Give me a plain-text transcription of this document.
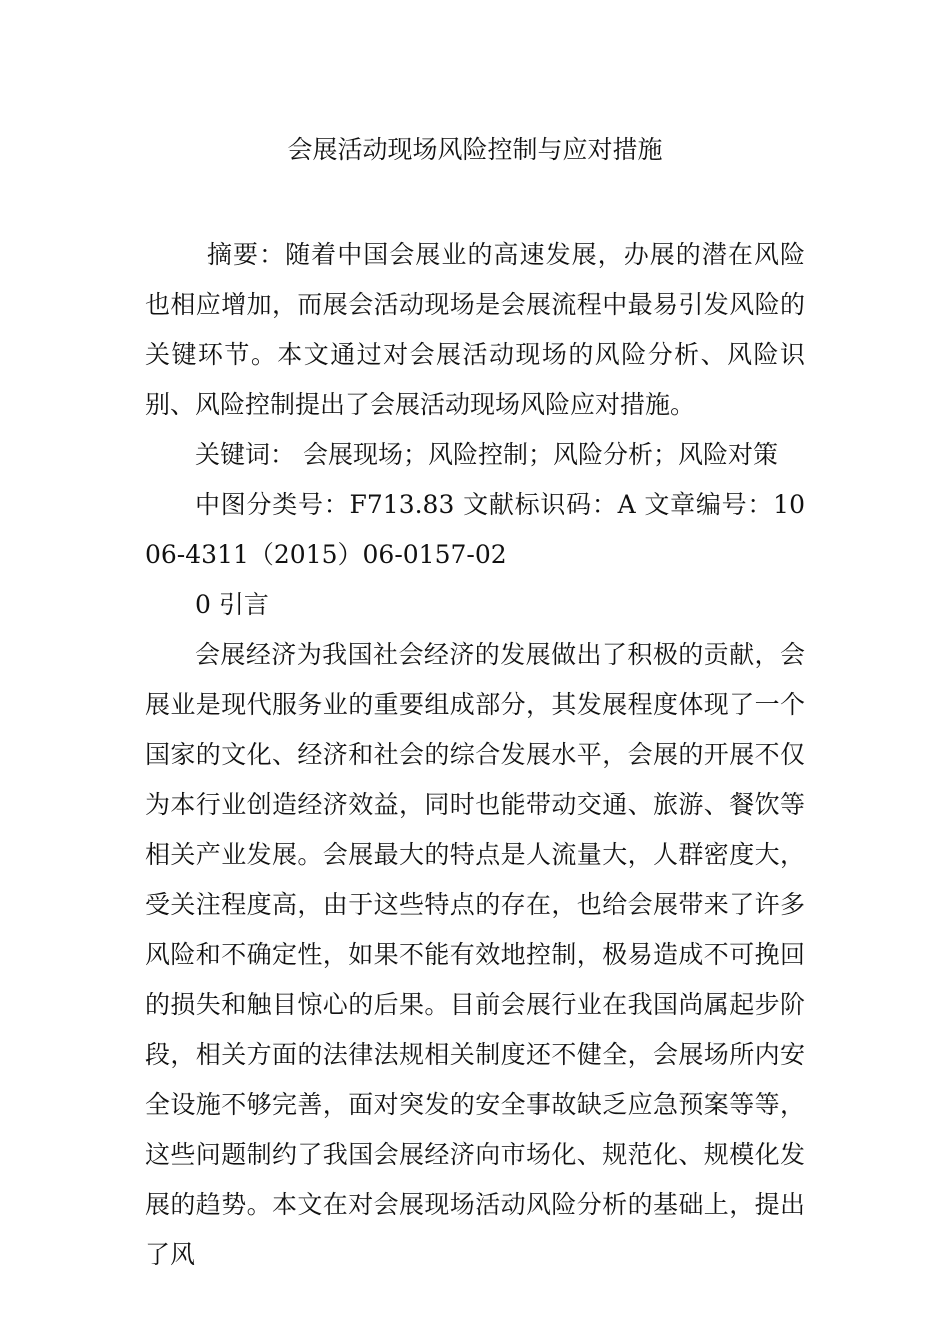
会展活动现场风险控制与应对措施

摘要：随着中国会展业的高速发展，办展的潜在风险也相应增加，而展会活动现场是会展流程中最易引发风险的关键环节。本文通过对会展活动现场的风险分析、风险识别、风险控制提出了会展活动现场风险应对措施。

关键词： 会展现场；风险控制；风险分析；风险对策

中图分类号：F713.83 文献标识码：A 文章编号：1006-4311（2015）06-0157-02

0 引言

会展经济为我国社会经济的发展做出了积极的贡献，会展业是现代服务业的重要组成部分，其发展程度体现了一个国家的文化、经济和社会的综合发展水平，会展的开展不仅为本行业创造经济效益，同时也能带动交通、旅游、餐饮等相关产业发展。会展最大的特点是人流量大，人群密度大，受关注程度高，由于这些特点的存在，也给会展带来了许多风险和不确定性，如果不能有效地控制，极易造成不可挽回的损失和触目惊心的后果。目前会展行业在我国尚属起步阶段，相关方面的法律法规相关制度还不健全，会展场所内安全设施不够完善，面对突发的安全事故缺乏应急预案等等，这些问题制约了我国会展经济向市场化、规范化、规模化发展的趋势。本文在对会展现场活动风险分析的基础上，提出了风
